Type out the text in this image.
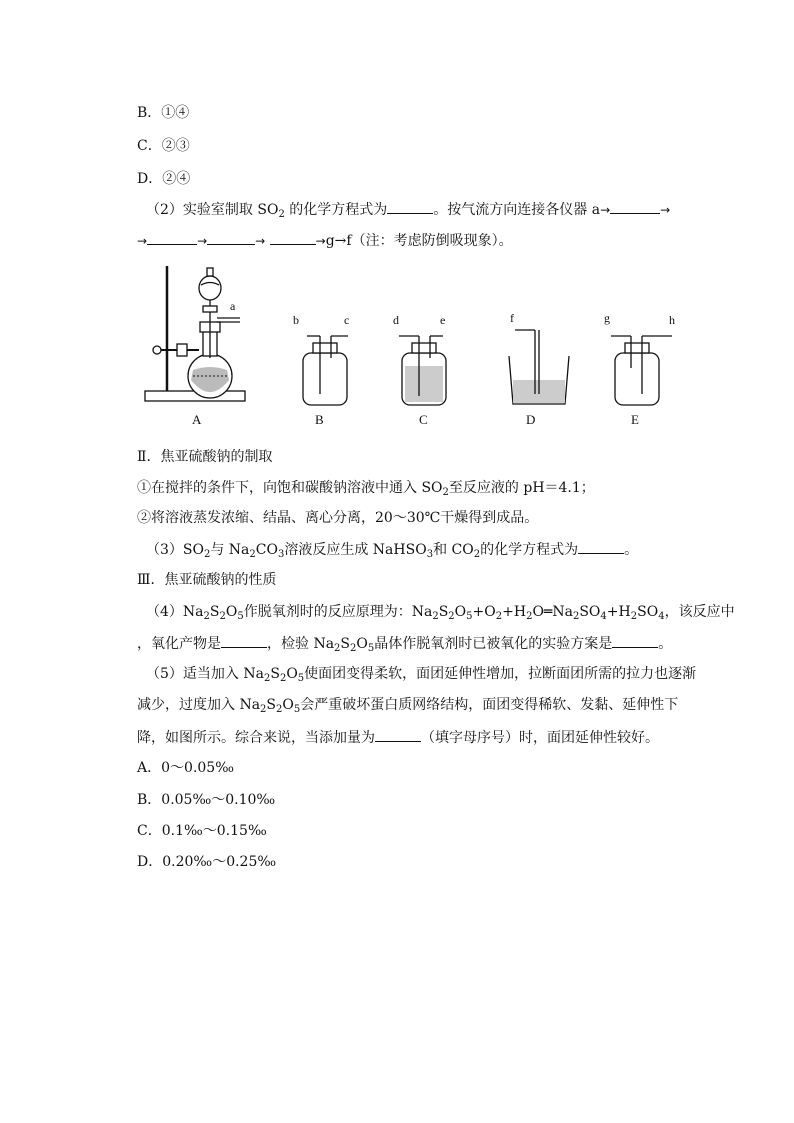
B．①④
C．②③
D．②④
（2）实验室制取 $SO_2$ 的化学方程式为	。按气流方向连接各仪器 a→	→
→	→	→	→g→f（注：考虑防倒吸现象）。
a
b	c	d	e	f	g	h
A	B	C	D	E
Ⅱ．焦亚硫酸钠的制取
①在搅拌的条件下，向饱和碳酸钠溶液中通入 $SO_2$至反应液的 pH＝4.1；
②将溶液蒸发浓缩、结晶、离心分离，20～30℃干燥得到成品。
$(3)SO_2$与 $Na_2CO_3$溶液反应生成 NaHSO$_3$和 $CO_2$的化学方程式为	。
Ⅲ．焦亚硫酸钠的性质
$(4)Na_2S_2O_5$作脱氧剂时的反应原理为：$Na_2S_2O_5+O_2+H_2O═Na_2SO_4+H_2SO_4$，该反应中
，氧化产物是	，检验 $Na_2S_2O_5$晶体作脱氧剂时已被氧化的实验方案是	。
（5）适当加入 $Na_2S_2O_5$使面团变得柔软，面团延伸性增加，拉断面团所需的拉力也逐渐
减少，过度加入 $Na_2S_2O_5$会严重破坏蛋白质网络结构，面团变得稀软、发黏、延伸性下
降，如图所示。综合来说，当添加量为	（填字母序号）时，面团延伸性较好。
A．0～0.05‰
B．0.05‰～0.10‰
C．0.1‰～0.15‰
D．0.20‰～0.25‰
